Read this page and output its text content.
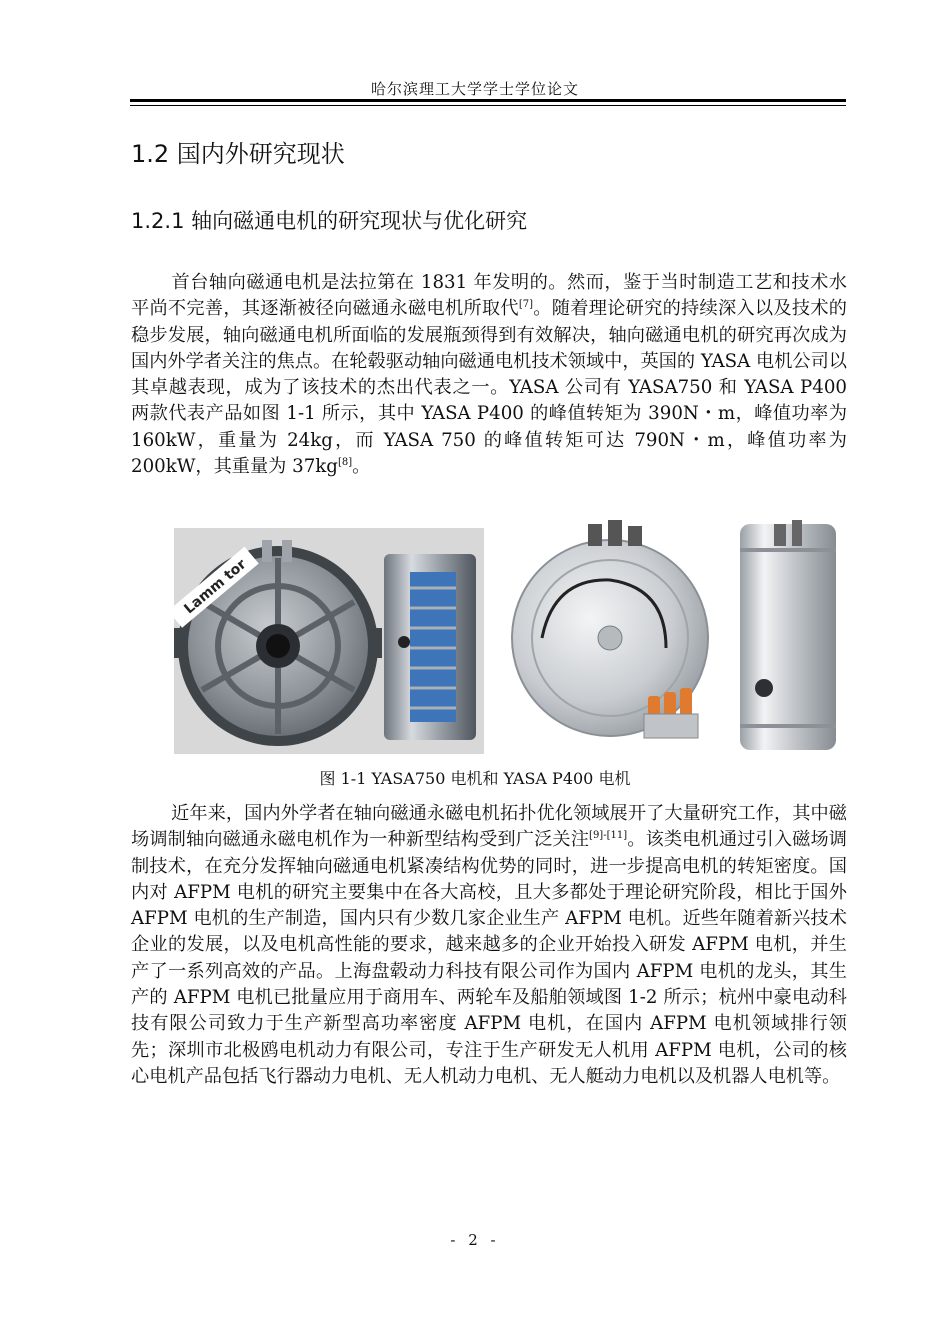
哈尔滨理工大学学士学位论文
1.2 国内外研究现状
1.2.1 轴向磁通电机的研究现状与优化研究

首台轴向磁通电机是法拉第在 1831 年发明的。然而，鉴于当时制造工艺和技术水平尚不完善，其逐渐被径向磁通永磁电机所取代[7]。随着理论研究的持续深入以及技术的稳步发展，轴向磁通电机所面临的发展瓶颈得到有效解决，轴向磁通电机的研究再次成为国内外学者关注的焦点。在轮毂驱动轴向磁通电机技术领域中，英国的 YASA 电机公司以其卓越表现，成为了该技术的杰出代表之一。YASA 公司有 YASA750 和 YASA P400 两款代表产品如图 1-1 所示，其中 YASA P400 的峰值转矩为 390N・m，峰值功率为 160kW，重量为 24kg，而 YASA 750 的峰值转矩可达 790N・m，峰值功率为 200kW，其重量为 37kg[8]。

Lamm tor
图 1-1 YASA750 电机和 YASA P400 电机

近年来，国内外学者在轴向磁通永磁电机拓扑优化领域展开了大量研究工作，其中磁场调制轴向磁通永磁电机作为一种新型结构受到广泛关注[9]-[11]。该类电机通过引入磁场调制技术，在充分发挥轴向磁通电机紧凑结构优势的同时，进一步提高电机的转矩密度。国内对 AFPM 电机的研究主要集中在各大高校，且大多都处于理论研究阶段，相比于国外 AFPM 电机的生产制造，国内只有少数几家企业生产 AFPM 电机。近些年随着新兴技术企业的发展，以及电机高性能的要求，越来越多的企业开始投入研发 AFPM 电机，并生产了一系列高效的产品。上海盘毂动力科技有限公司作为国内 AFPM 电机的龙头，其生产的 AFPM 电机已批量应用于商用车、两轮车及船舶领域图 1-2 所示；杭州中豪电动科技有限公司致力于生产新型高功率密度 AFPM 电机，在国内 AFPM 电机领域排行领先；深圳市北极鸥电机动力有限公司，专注于生产研发无人机用 AFPM 电机，公司的核心电机产品包括飞行器动力电机、无人机动力电机、无人艇动力电机以及机器人电机等。

- 2 -
